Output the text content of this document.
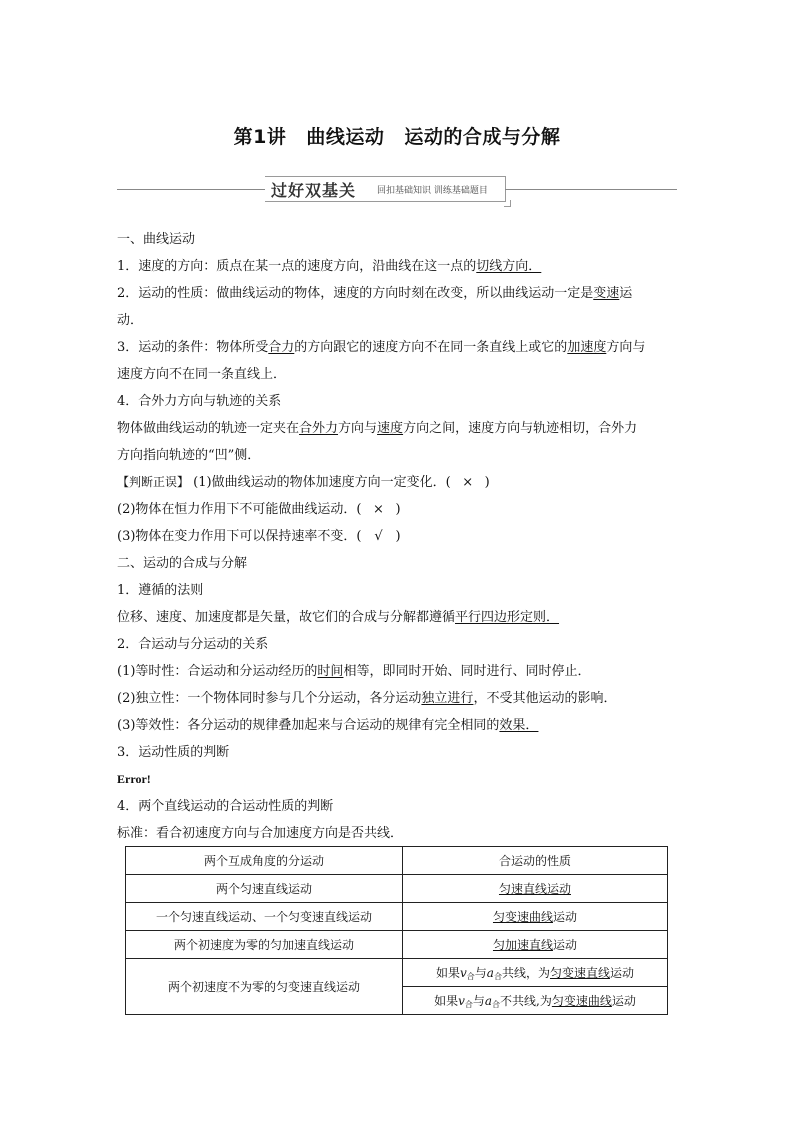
第1讲 曲线运动 运动的合成与分解
过好双基关 回扣基础知识 训练基础题目
一、曲线运动
1．速度的方向：质点在某一点的速度方向，沿曲线在这一点的切线方向．
2．运动的性质：做曲线运动的物体，速度的方向时刻在改变，所以曲线运动一定是变速运
动．
3．运动的条件：物体所受合力的方向跟它的速度方向不在同一条直线上或它的加速度方向与
速度方向不在同一条直线上．
4．合外力方向与轨迹的关系
物体做曲线运动的轨迹一定夹在合外力方向与速度方向之间，速度方向与轨迹相切，合外力
方向指向轨迹的“凹”侧．
【判断正误】 (1)做曲线运动的物体加速度方向一定变化．( × )
(2)物体在恒力作用下不可能做曲线运动．( × )
(3)物体在变力作用下可以保持速率不变．( √ )
二、运动的合成与分解
1．遵循的法则
位移、速度、加速度都是矢量，故它们的合成与分解都遵循平行四边形定则．
2．合运动与分运动的关系
(1)等时性：合运动和分运动经历的时间相等，即同时开始、同时进行、同时停止．
(2)独立性：一个物体同时参与几个分运动，各分运动独立进行，不受其他运动的影响．
(3)等效性：各分运动的规律叠加起来与合运动的规律有完全相同的效果．
3．运动性质的判断
Error!
4．两个直线运动的合运动性质的判断
标准：看合初速度方向与合加速度方向是否共线．
两个互成角度的分运动	合运动的性质
两个匀速直线运动	匀速直线运动
一个匀速直线运动、一个匀变速直线运动	匀变速曲线运动
两个初速度为零的匀加速直线运动	匀加速直线运动
两个初速度不为零的匀变速直线运动	如果$v_合$与$a_合$共线，为匀变速直线运动
	如果$v_合$与$a_合$不共线,为匀变速曲线运动
